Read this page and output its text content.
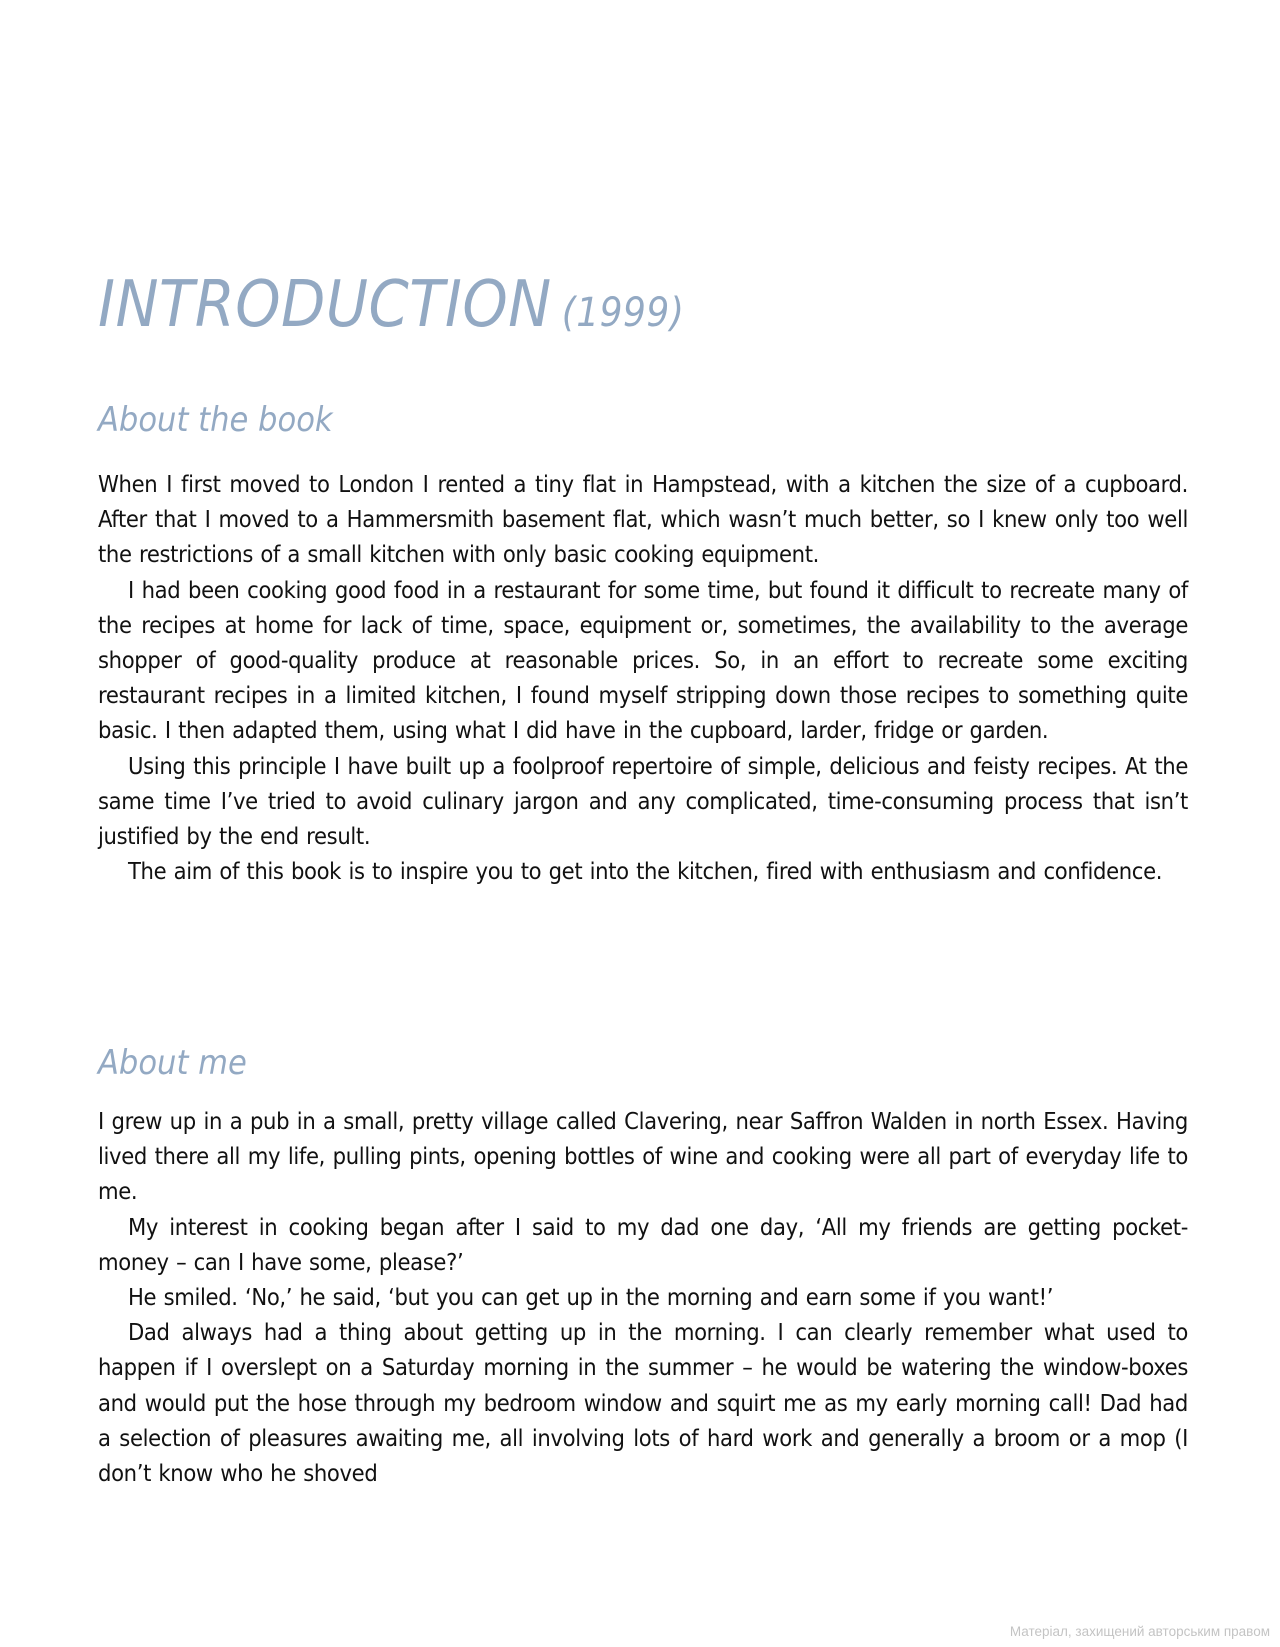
INTRODUCTION (1999)
About the book

When I first moved to London I rented a tiny flat in Hampstead, with a kitchen the size of a cupboard. After that I moved to a Hammersmith basement flat, which wasn’t much better, so I knew only too well the restrictions of a small kitchen with only basic cooking equipment.

I had been cooking good food in a restaurant for some time, but found it difficult to recreate many of the recipes at home for lack of time, space, equipment or, sometimes, the availability to the average shopper of good-quality produce at reasonable prices. So, in an effort to recreate some exciting restaurant recipes in a limited kitchen, I found myself stripping down those recipes to something quite basic. I then adapted them, using what I did have in the cupboard, larder, fridge or garden.

Using this principle I have built up a foolproof repertoire of simple, delicious and feisty recipes. At the same time I’ve tried to avoid culinary jargon and any complicated, time-consuming process that isn’t justified by the end result.

The aim of this book is to inspire you to get into the kitchen, fired with enthusiasm and confidence.

About me

I grew up in a pub in a small, pretty village called Clavering, near Saffron Walden in north Essex. Having lived there all my life, pulling pints, opening bottles of wine and cooking were all part of everyday life to me.

My interest in cooking began after I said to my dad one day, ‘All my friends are getting pocket-money – can I have some, please?’

He smiled. ‘No,’ he said, ‘but you can get up in the morning and earn some if you want!’

Dad always had a thing about getting up in the morning. I can clearly remember what used to happen if I overslept on a Saturday morning in the summer – he would be watering the window-boxes and would put the hose through my bedroom window and squirt me as my early morning call! Dad had a selection of pleasures awaiting me, all involving lots of hard work and generally a broom or a mop (I don’t know who he shoved

Матеріал, захищений авторським правом
